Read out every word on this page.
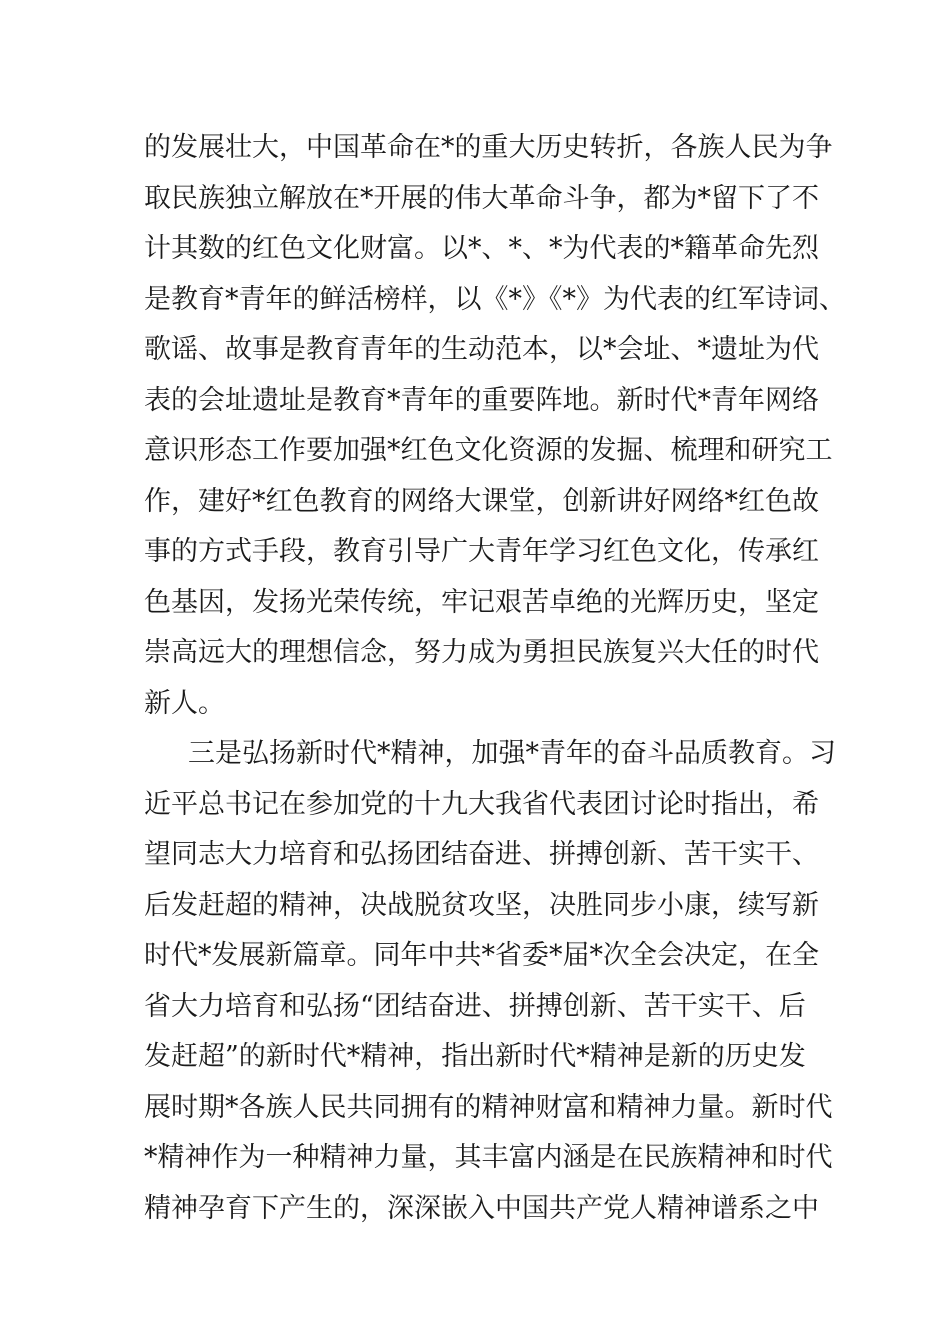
的发展壮大，中国革命在*的重大历史转折，各族人民为争
取民族独立解放在*开展的伟大革命斗争，都为*留下了不
计其数的红色文化财富。以*、*、*为代表的*籍革命先烈
是教育*青年的鲜活榜样，以《*》《*》为代表的红军诗词、
歌谣、故事是教育青年的生动范本，以*会址、*遗址为代
表的会址遗址是教育*青年的重要阵地。新时代*青年网络
意识形态工作要加强*红色文化资源的发掘、梳理和研究工
作，建好*红色教育的网络大课堂，创新讲好网络*红色故
事的方式手段，教育引导广大青年学习红色文化，传承红
色基因，发扬光荣传统，牢记艰苦卓绝的光辉历史，坚定
崇高远大的理想信念，努力成为勇担民族复兴大任的时代
新人。
三是弘扬新时代*精神，加强*青年的奋斗品质教育。习
近平总书记在参加党的十九大我省代表团讨论时指出，希
望同志大力培育和弘扬团结奋进、拼搏创新、苦干实干、
后发赶超的精神，决战脱贫攻坚，决胜同步小康，续写新
时代*发展新篇章。同年中共*省委*届*次全会决定，在全
省大力培育和弘扬“团结奋进、拼搏创新、苦干实干、后
发赶超”的新时代*精神，指出新时代*精神是新的历史发
展时期*各族人民共同拥有的精神财富和精神力量。新时代
*精神作为一种精神力量，其丰富内涵是在民族精神和时代
精神孕育下产生的，深深嵌入中国共产党人精神谱系之中
